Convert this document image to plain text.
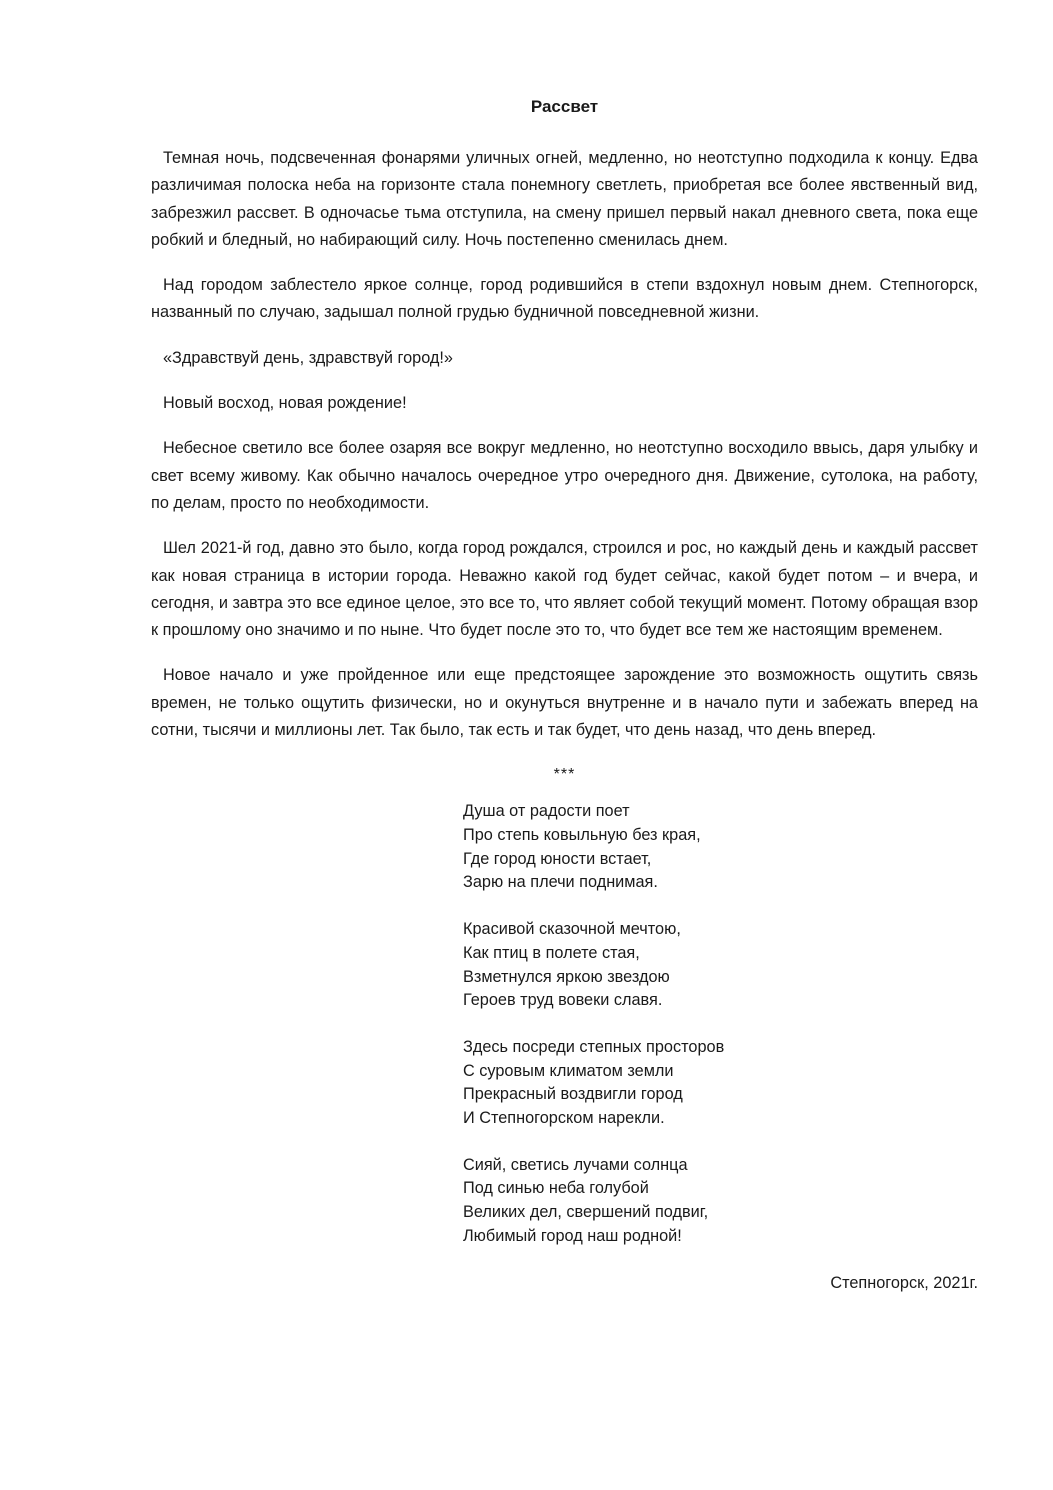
Рассвет

Темная ночь, подсвеченная фонарями уличных огней, медленно, но неотступно подходила к концу. Едва различимая полоска неба на горизонте стала понемногу светлеть, приобретая все более явственный вид, забрезжил рассвет. В одночасье тьма отступила, на смену пришел первый накал дневного света, пока еще робкий и бледный, но набирающий силу. Ночь постепенно сменилась днем.

Над городом заблестело яркое солнце, город родившийся в степи вздохнул новым днем. Степногорск, названный по случаю, задышал полной грудью будничной повседневной жизни.

«Здравствуй день, здравствуй город!»

Новый восход, новая рождение!

Небесное светило все более озаряя все вокруг медленно, но неотступно восходило ввысь, даря улыбку и свет всему живому. Как обычно началось очередное утро очередного дня. Движение, сутолока, на работу, по делам, просто по необходимости.

Шел 2021-й год, давно это было, когда город рождался, строился и рос, но каждый день и каждый рассвет как новая страница в истории города. Неважно какой год будет сейчас, какой будет потом – и вчера, и сегодня, и завтра это все единое целое, это все то, что являет собой текущий момент. Потому обращая взор к прошлому оно значимо и по ныне. Что будет после это то, что будет все тем же настоящим временем.

Новое начало и уже пройденное или еще предстоящее зарождение это возможность ощутить связь времен, не только ощутить физически, но и окунуться внутренне и в начало пути и забежать вперед на сотни, тысячи и миллионы лет. Так было, так есть и так будет, что день назад, что день вперед.

***
Душа от радости поет
Про степь ковыльную без края,
Где город юности встает,
Зарю на плечи поднимая.
Красивой сказочной мечтою,
Как птиц в полете стая,
Взметнулся яркою звездою
Героев труд вовеки славя.
Здесь посреди степных просторов
С суровым климатом земли
Прекрасный воздвигли город
И Степногорском нарекли.
Сияй, светись лучами солнца
Под синью неба голубой
Великих дел, свершений подвиг,
Любимый город наш родной!
Степногорск, 2021г.
